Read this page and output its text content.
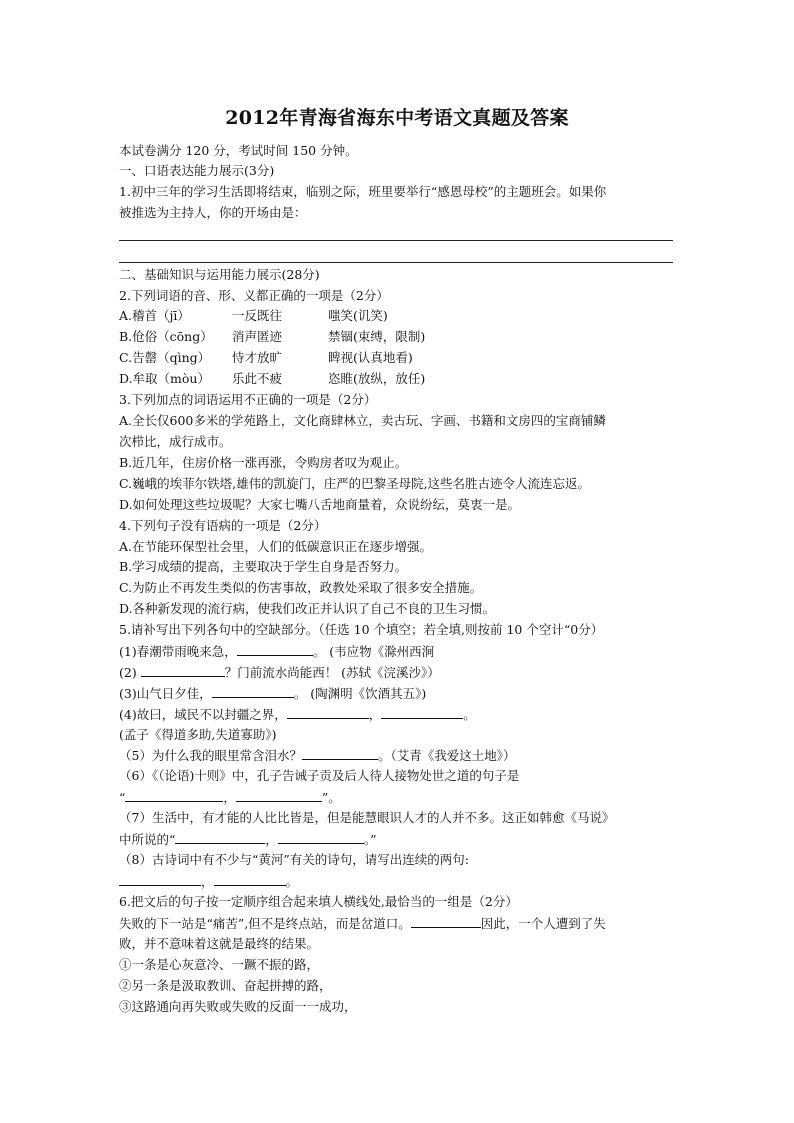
2012年青海省海东中考语文真题及答案
本试卷满分 120 分，考试时间 150 分钟。
一、口语表达能力展示(3分)
1.初中三年的学习生活即将结束，临别之际，班里要举行“感恩母校”的主题班会。如果你
被推选为主持人，你的开场由是：
二、基础知识与运用能力展示(28分)
2.下列词语的音、形、义都正确的一项是（2分）
A.稽首（jī）	一反既往	嗤笑(讥笑)
B.伧俗（cōng） 消声匿迹	禁锢(束缚，限制)
C.告罄（qìng） 恃才放旷	睥视(认真地看)
D.牟取（mòu） 乐此不疲	恣睢(放纵，放任)
3.下列加点的词语运用不正确的一项是（2分）
A.全长仅600多米的学苑路上，文化商肆林立，卖古玩、字画、书籍和文房四的宝商铺鳞
次栉比，成行成市。
B.近几年，住房价格一涨再涨，令购房者叹为观止。
C.巍峨的埃菲尔铁塔,雄伟的凯旋门，庄严的巴黎圣母院,这些名胜古迹令人流连忘返。
D.如何处理这些垃圾呢？大家七嘴八舌地商量着，众说纷纭，莫衷一是。
4.下列句子没有语病的一项是（2分）
A.在节能环保型社会里，人们的低碳意识正在逐步增强。
B.学习成绩的提高，主要取决于学生自身是否努力。
C.为防止不再发生类似的伤害事故，政教处采取了很多安全措施。
D.各种新发现的流行病，使我们改正并认识了自己不良的卫生习惯。
5.请补写出下列各句中的空缺部分。（任选 10 个填空；若全填,则按前 10 个空计“0分）
(1)春潮带雨晚来急，	。 (韦应物《滁州西涧
(2)	？门前流水尚能西！ (苏轼《浣溪沙》）
(3)山气日夕佳，	。 (陶渊明《饮酒其五》)
(4)故曰，域民不以封疆之界，	，	。
(孟子《得道多助,失道寡助》)
（5）为什么我的眼里常含泪水？	。（艾青《我爱这土地》）
（6）《（论语)十则》中，孔子告诫子贡及后人待人接物处世之道的句子是
“	，	”。
（7）生活中，有才能的人比比皆是，但是能慧眼识人才的人并不多。这正如韩愈《马说》
中所说的“	，	。”
（8）古诗词中有不少与“黄河”有关的诗句，请写出连续的两句:
，	。
6.把文后的句子按一定顺序组合起来填人横线处,最恰当的一组是（2分）
失败的下一站是“痛苦”,但不是终点站，而是岔道口。	因此，一个人遭到了失
败，并不意味着这就是最终的结果。
①一条是心灰意冷、一蹶不振的路，
②另一条是汲取教训、奋起拼搏的路，
③这路通向再失败或失败的反面一一成功，
